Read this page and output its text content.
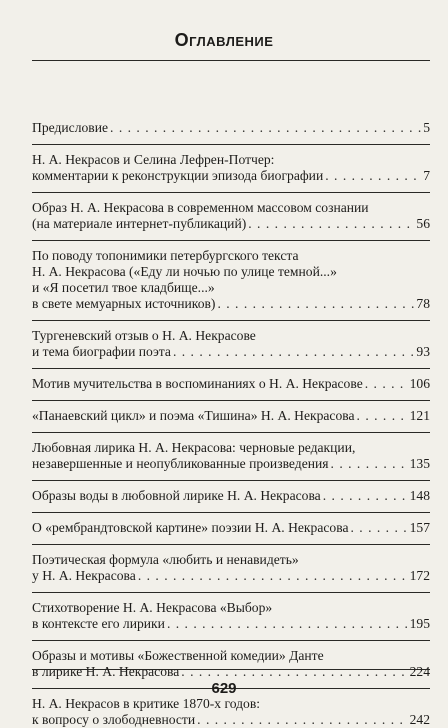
Оглавление
Предисловие . . .	5
Н. А. Некрасов и Селина Лефрен-Потчер:
комментарии к реконструкции эпизода биографии . . .	7
Образ Н. А. Некрасова в современном массовом сознании
(на материале интернет-публикаций) . . .	56
По поводу топонимики петербургского текста
Н. А. Некрасова («Еду ли ночью по улице темной...»
и «Я посетил твое кладбище...»
в свете мемуарных источников) . . .	78
Тургеневский отзыв о Н. А. Некрасове
и тема биографии поэта . . .	93
Мотив мучительства в воспоминаниях о Н. А. Некрасове . . .	106
«Панаевский цикл» и поэма «Тишина» Н. А. Некрасова . . .	121
Любовная лирика Н. А. Некрасова: черновые редакции,
незавершенные и неопубликованные произведения . . .	135
Образы воды в любовной лирике Н. А. Некрасова . . .	148
О «рембрандтовской картине» поэзии Н. А. Некрасова . . .	157
Поэтическая формула «любить и ненавидеть»
у Н. А. Некрасова . . .	172
Стихотворение Н. А. Некрасова «Выбор»
в контексте его лирики . . .	195
Образы и мотивы «Божественной комедии» Данте
в лирике Н. А. Некрасова . . .	224
Н. А. Некрасов в критике 1870-х годов:
к вопросу о злободневности . . .	242
629
